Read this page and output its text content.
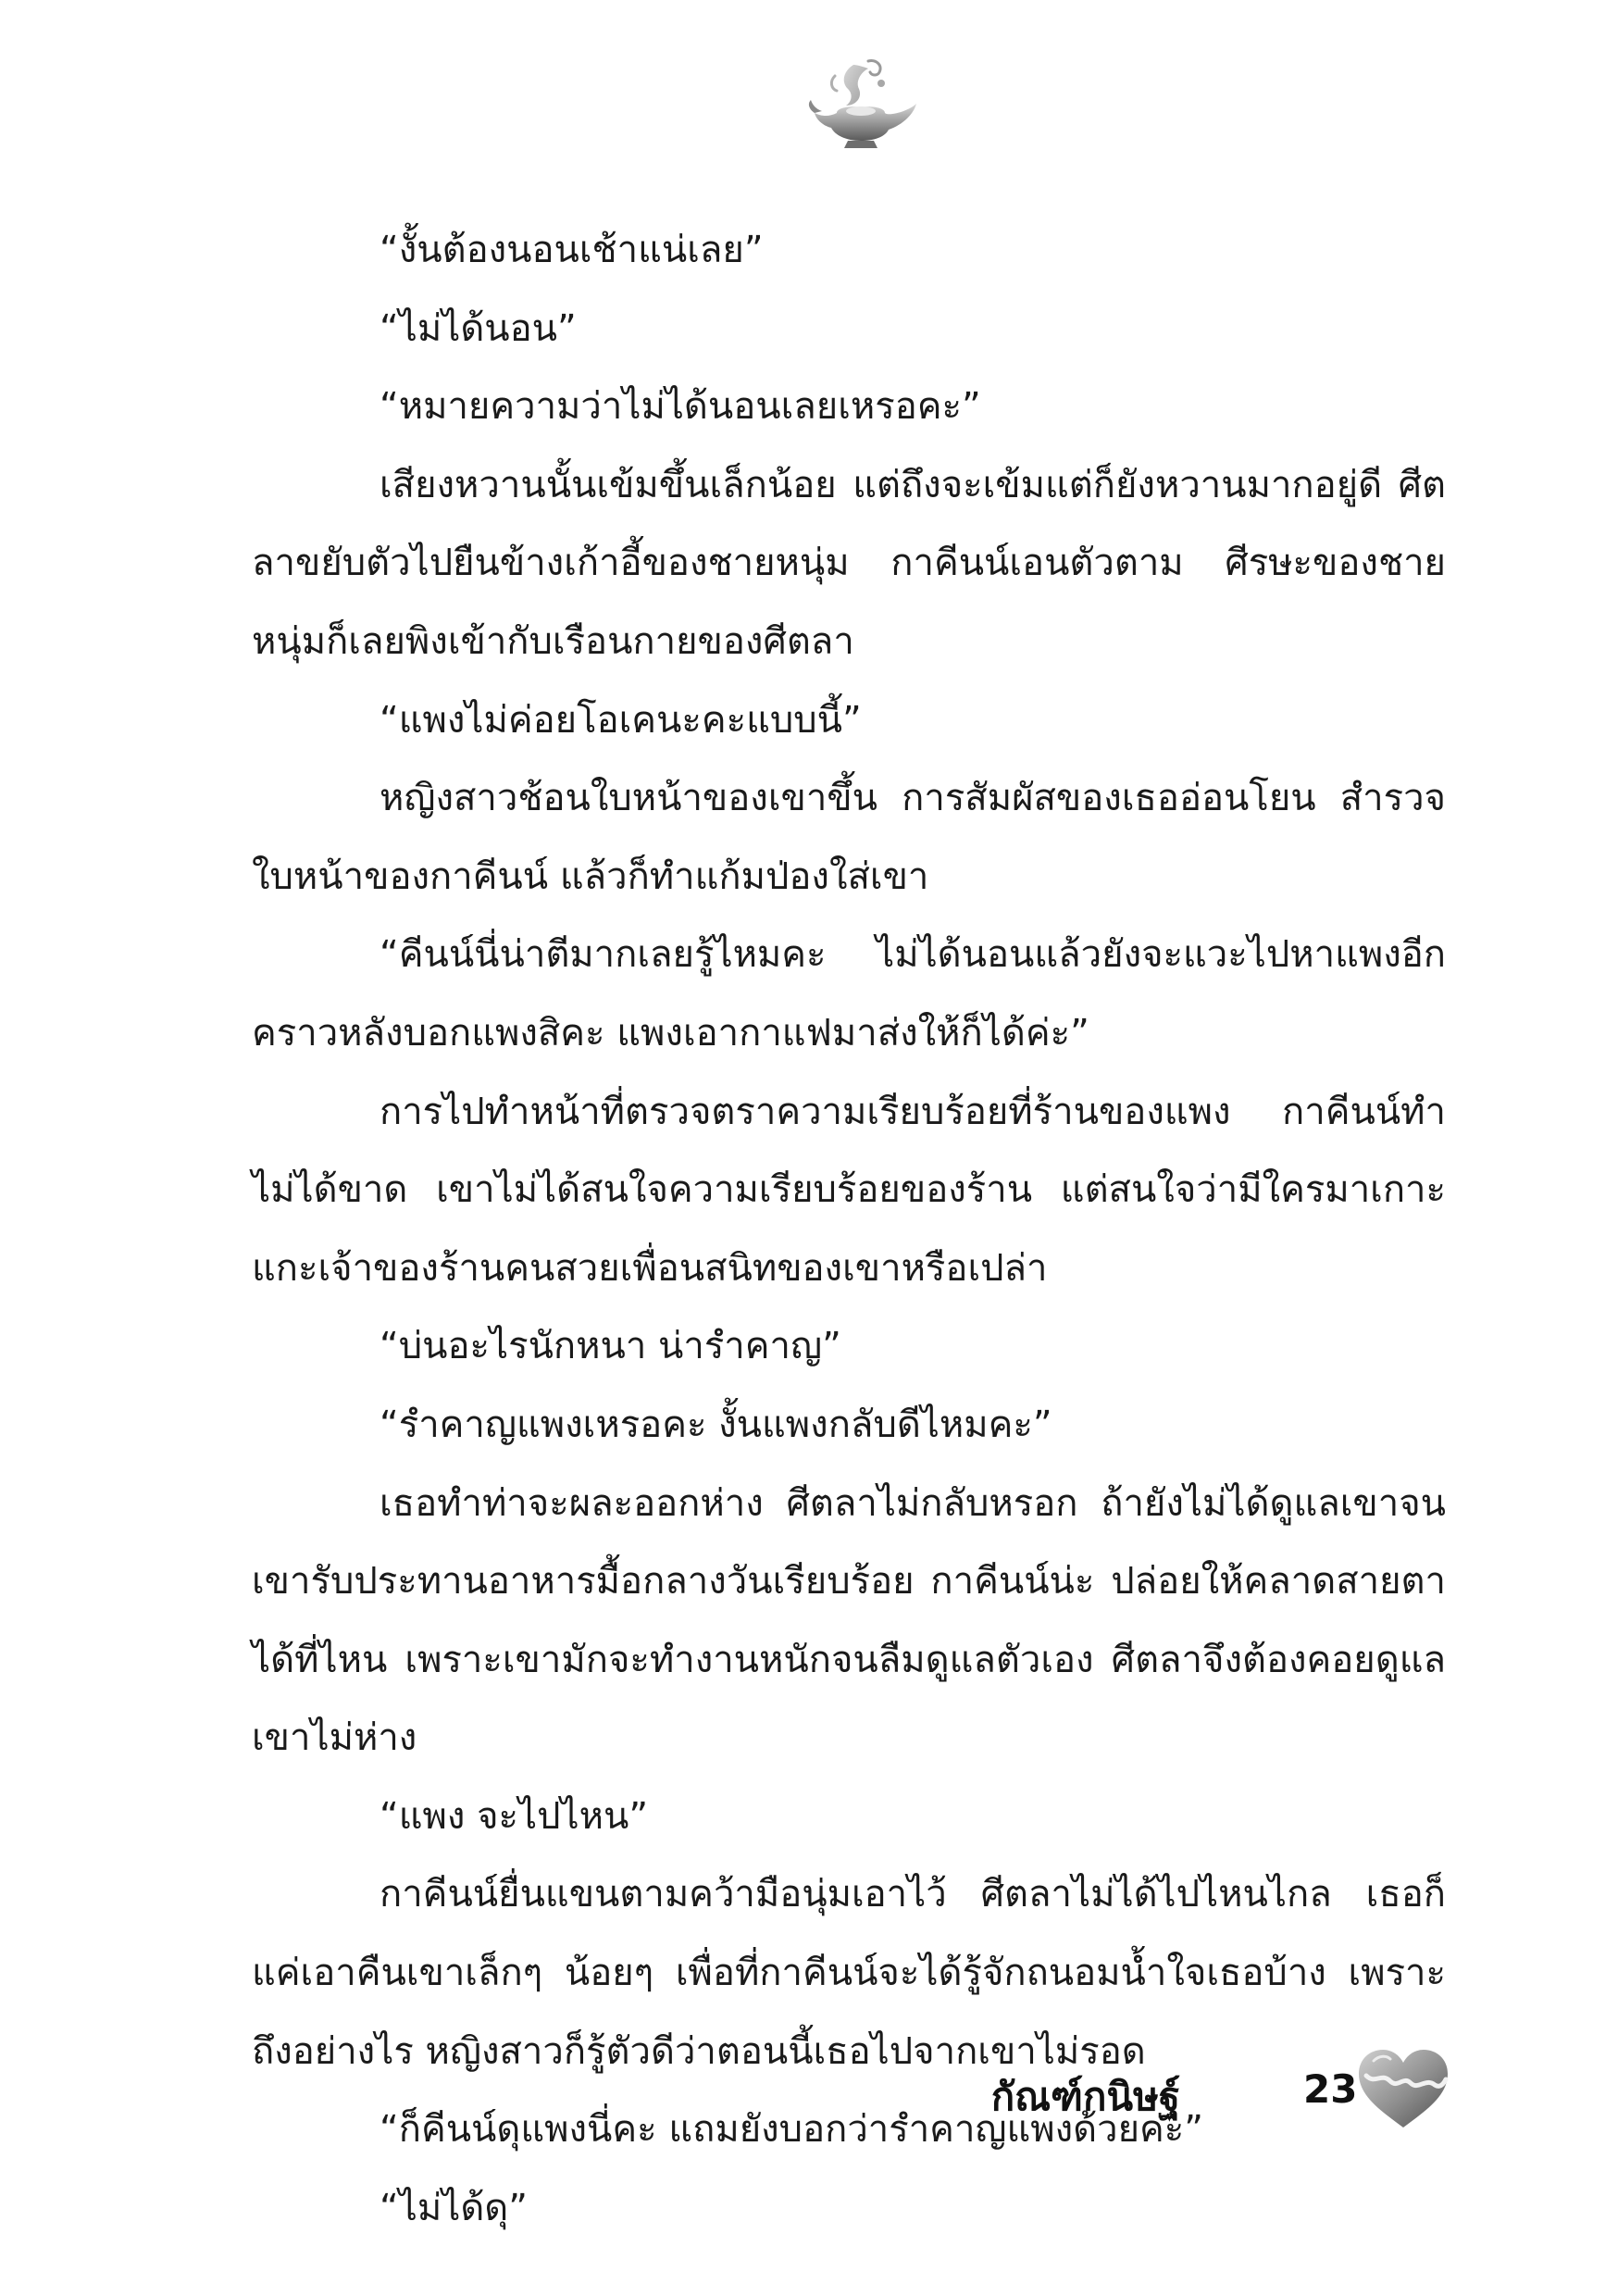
“งั้นต้องนอนเช้าแน่เลย”

“ไม่ได้นอน”

“หมายความว่าไม่ได้นอนเลยเหรอคะ”

เสียงหวานนั้นเข้มขึ้นเล็กน้อย แต่ถึงจะเข้มแต่ก็ยังหวานมากอยู่ดี ศีตลาขยับตัวไปยืนข้างเก้าอี้ของชายหนุ่ม กาคีนน์เอนตัวตาม ศีรษะของชายหนุ่มก็เลยพิงเข้ากับเรือนกายของศีตลา

“แพงไม่ค่อยโอเคนะคะแบบนี้”

หญิงสาวช้อนใบหน้าของเขาขึ้น การสัมผัสของเธออ่อนโยน สำรวจใบหน้าของกาคีนน์ แล้วก็ทำแก้มป่องใส่เขา

“คีนน์นี่น่าตีมากเลยรู้ไหมคะ ไม่ได้นอนแล้วยังจะแวะไปหาแพงอีก คราวหลังบอกแพงสิคะ แพงเอากาแฟมาส่งให้ก็ได้ค่ะ”

การไปทำหน้าที่ตรวจตราความเรียบร้อยที่ร้านของแพง กาคีนน์ทำไม่ได้ขาด เขาไม่ได้สนใจความเรียบร้อยของร้าน แต่สนใจว่ามีใครมาเกาะแกะเจ้าของร้านคนสวยเพื่อนสนิทของเขาหรือเปล่า

“บ่นอะไรนักหนา น่ารำคาญ”

“รำคาญแพงเหรอคะ งั้นแพงกลับดีไหมคะ”

เธอทำท่าจะผละออกห่าง ศีตลาไม่กลับหรอก ถ้ายังไม่ได้ดูแลเขาจนเขารับประทานอาหารมื้อกลางวันเรียบร้อย กาคีนน์น่ะ ปล่อยให้คลาดสายตาได้ที่ไหน เพราะเขามักจะทำงานหนักจนลืมดูแลตัวเอง ศีตลาจึงต้องคอยดูแลเขาไม่ห่าง

“แพง จะไปไหน”

กาคีนน์ยื่นแขนตามคว้ามือนุ่มเอาไว้ ศีตลาไม่ได้ไปไหนไกล เธอก็แค่เอาคืนเขาเล็กๆ น้อยๆ เพื่อที่กาคีนน์จะได้รู้จักถนอมน้ำใจเธอบ้าง เพราะถึงอย่างไร หญิงสาวก็รู้ตัวดีว่าตอนนี้เธอไปจากเขาไม่รอด

“ก็คีนน์ดุแพงนี่คะ แถมยังบอกว่ารำคาญแพงด้วยค่ะ”

“ไม่ได้ดุ”

กัณฑ์กนิษฐ์	23
